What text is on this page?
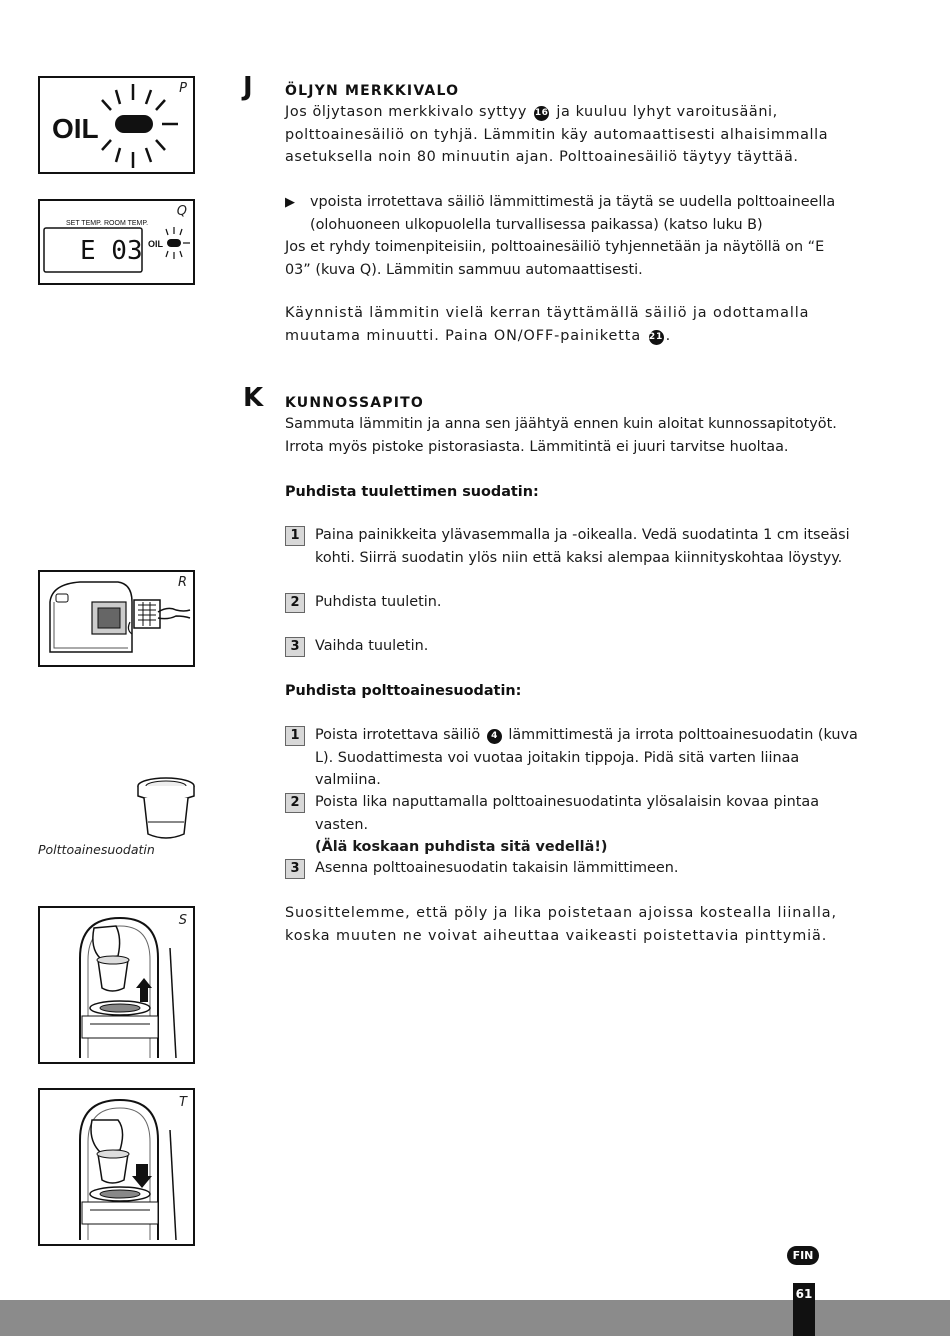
P
OIL
Q
SET TEMP. ROOM TEMP.
E 03 OIL
R
Polttoainesuodatin
S
T
J ÖLJYN MERKKIVALO
Jos öljytason merkkivalo syttyy 16 ja kuuluu lyhyt varoitusääni, polttoainesäiliö on tyhjä. Lämmitin käy automaattisesti alhaisimmalla asetuksella noin 80 minuutin ajan. Polttoainesäiliö täytyy täyttää.
▶ vpoista irrotettava säiliö lämmittimestä ja täytä se uudella polttoaineella (olohuoneen ulkopuolella turvallisessa paikassa) (katso luku B)
Jos et ryhdy toimenpiteisiin, polttoainesäiliö tyhjennetään ja näytöllä on “E 03” (kuva Q). Lämmitin sammuu automaattisesti.
Käynnistä lämmitin vielä kerran täyttämällä säiliö ja odottamalla muutama minuutti. Paina ON/OFF-painiketta 21 .
K KUNNOSSAPITO
Sammuta lämmitin ja anna sen jäähtyä ennen kuin aloitat kunnossapitotyöt. Irrota myös pistoke pistorasiasta. Lämmitintä ei juuri tarvitse huoltaa.
Puhdista tuulettimen suodatin:
1	Paina painikkeita ylävasemmalla ja -oikealla. Vedä suodatinta 1 cm itseäsi kohti. Siirrä suodatin ylös niin että kaksi alempaa kiinnityskohtaa löystyy.
2	Puhdista tuuletin.
3	Vaihda tuuletin.
Puhdista polttoainesuodatin:
1	Poista irrotettava säiliö 4 lämmittimestä ja irrota polttoainesuodatin (kuva L). Suodattimesta voi vuotaa joitakin tippoja. Pidä sitä varten liinaa valmiina.
2	Poista lika naputtamalla polttoainesuodatinta ylösalaisin kovaa pintaa vasten.
(Älä koskaan puhdista sitä vedellä!)
3	Asenna polttoainesuodatin takaisin lämmittimeen.
Suosittelemme, että pöly ja lika poistetaan ajoissa kostealla liinalla, koska muuten ne voivat aiheuttaa vaikeasti poistettavia pinttymiä.
FIN
61
